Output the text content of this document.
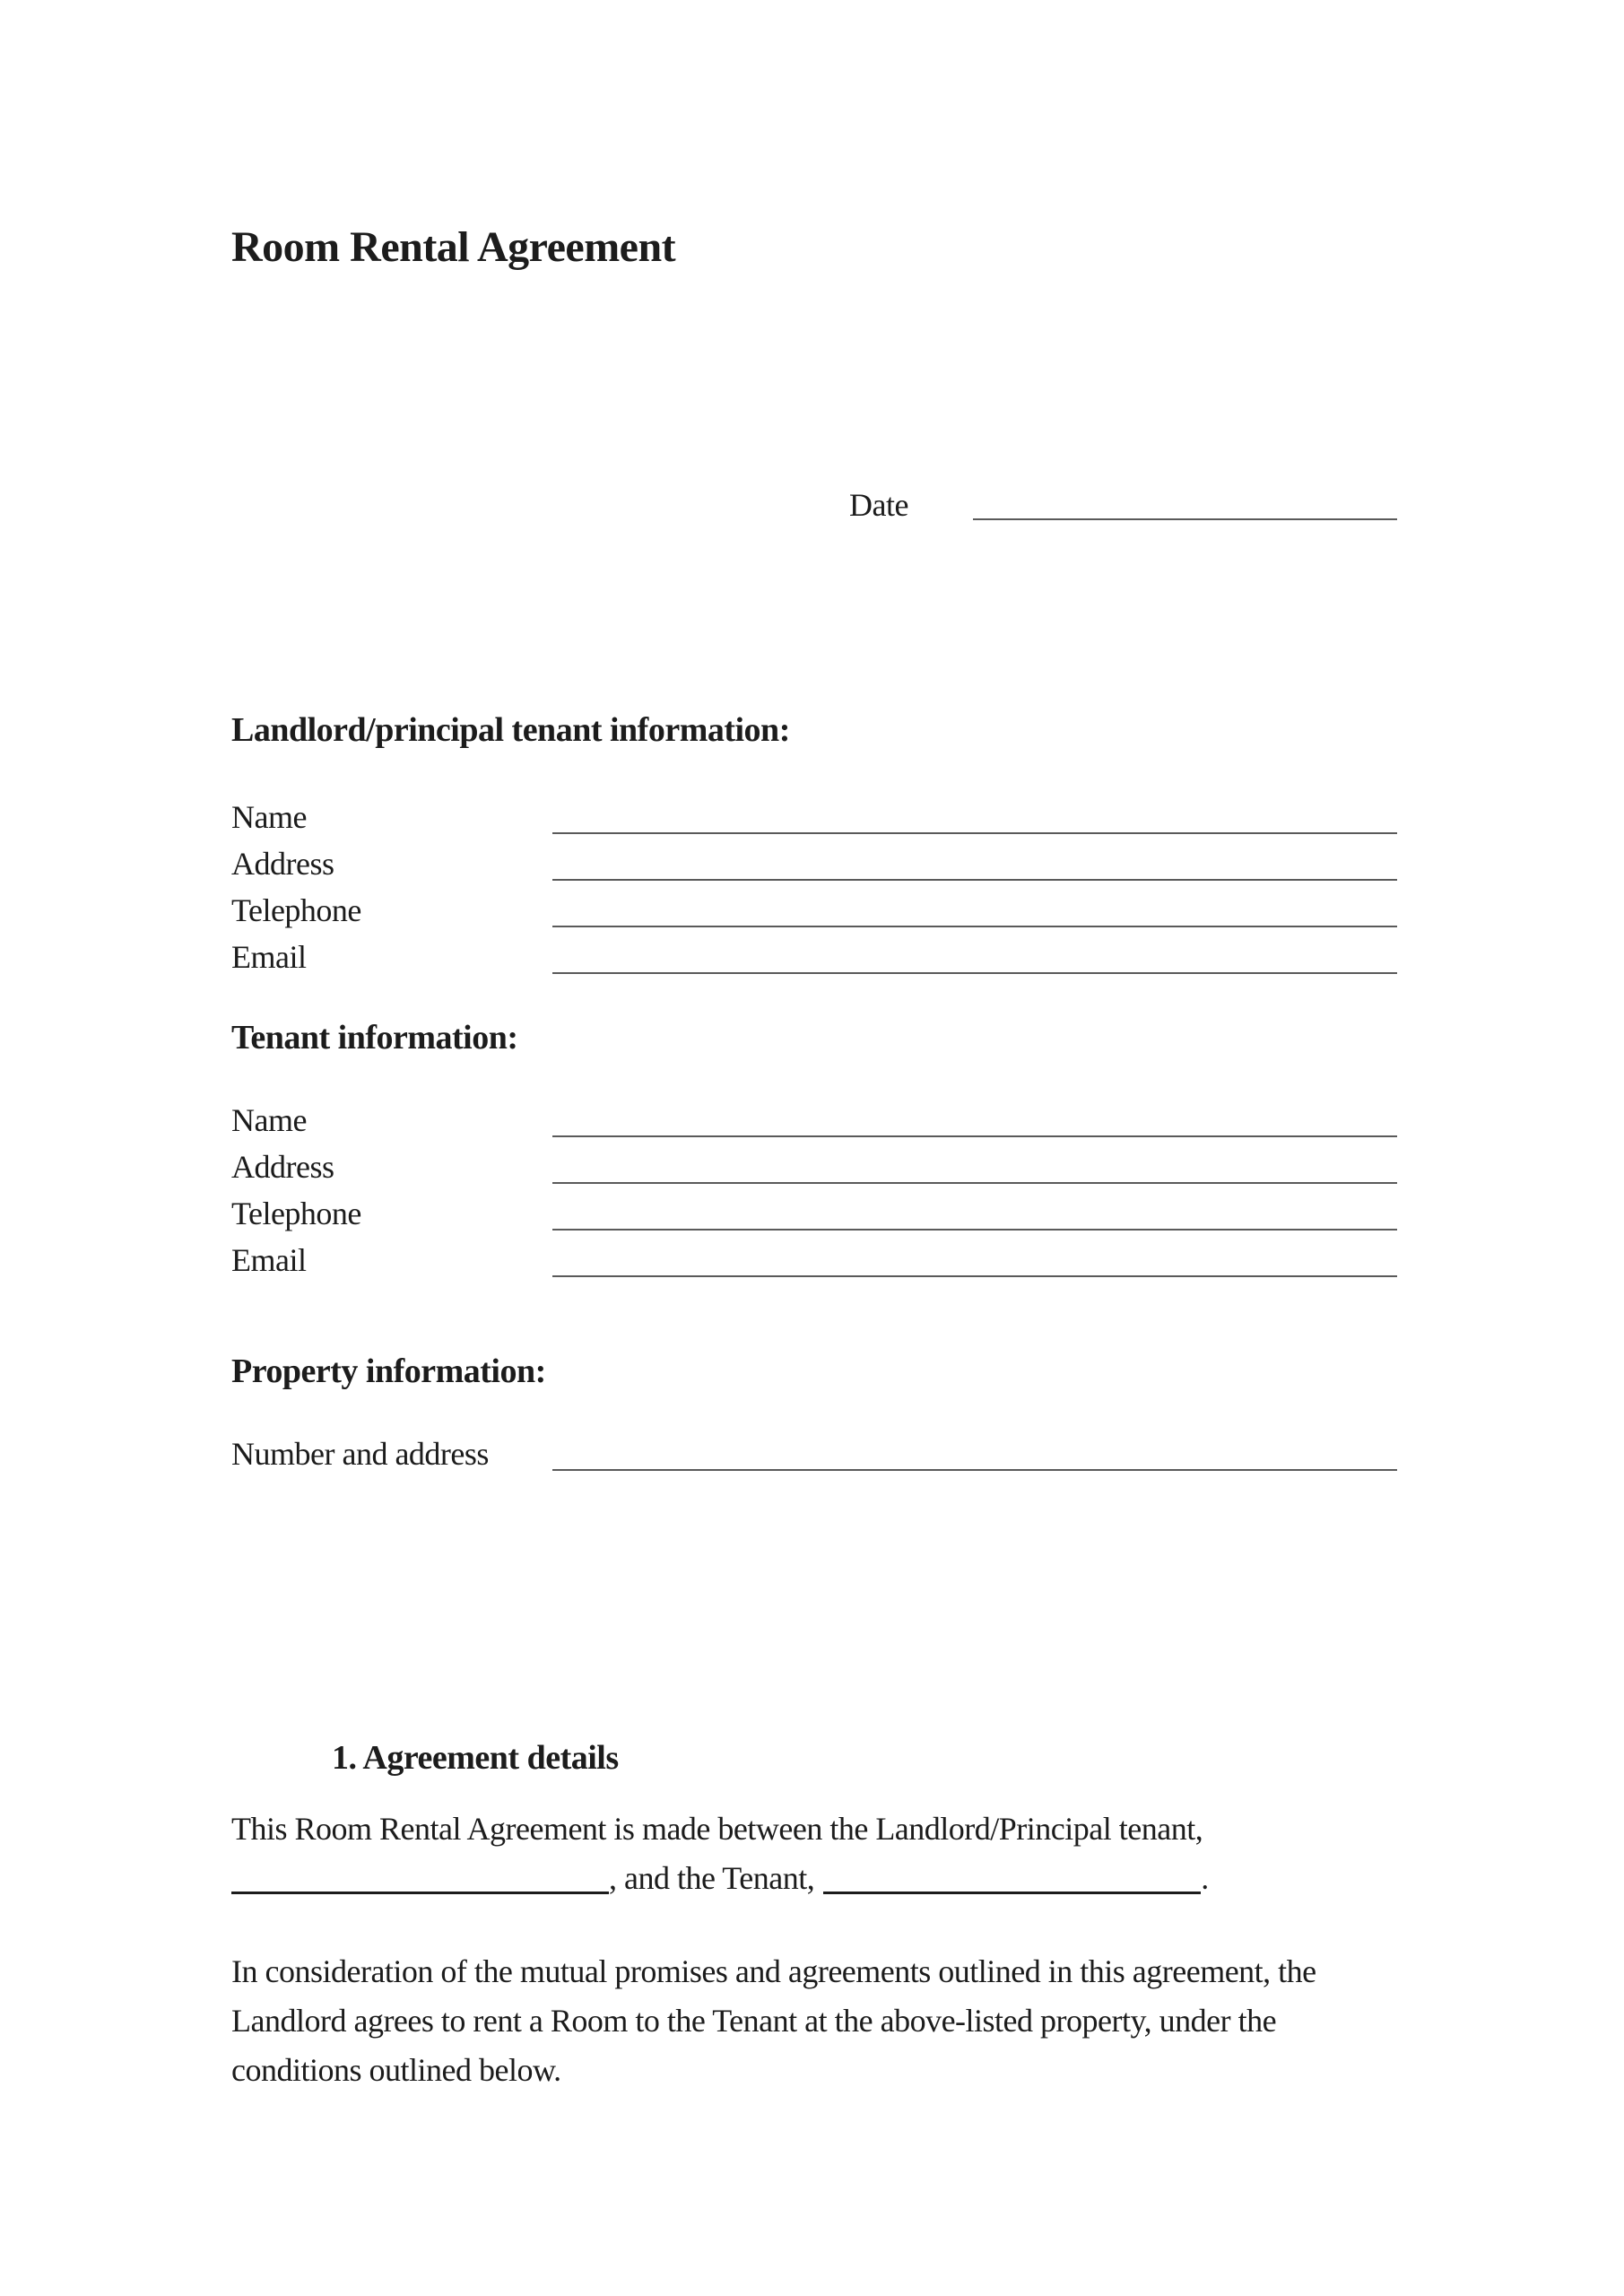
Room Rental Agreement
Date
Landlord/principal tenant information:
Name
Address
Telephone
Email
Tenant information:
Name
Address
Telephone
Email
Property information:
Number and address
1. Agreement details
This Room Rental Agreement is made between the Landlord/Principal tenant,
, and the Tenant,	.
In consideration of the mutual promises and agreements outlined in this agreement, the
Landlord agrees to rent a Room to the Tenant at the above-listed property, under the
conditions outlined below.
